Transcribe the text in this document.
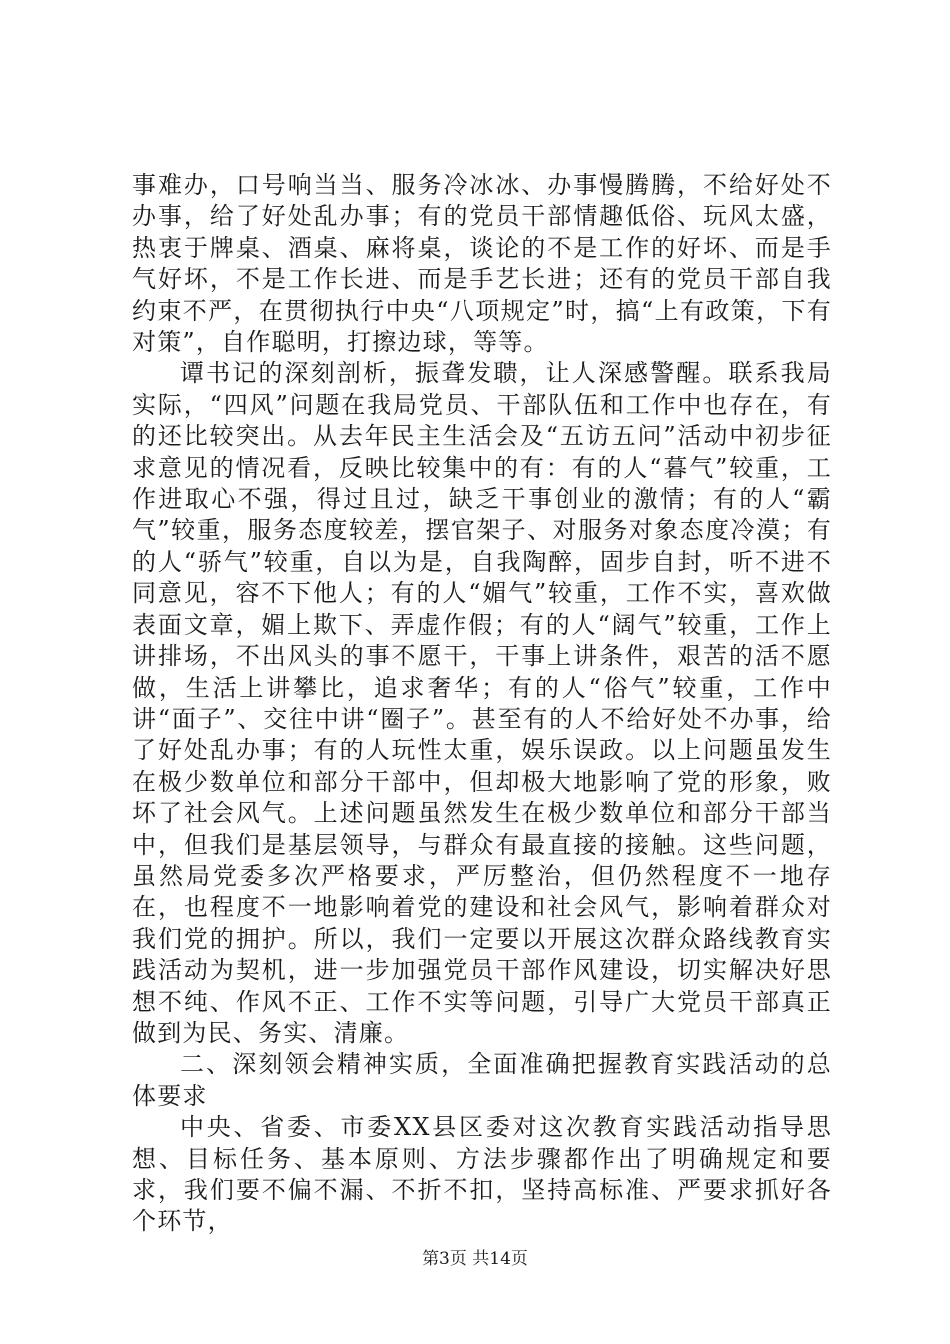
事难办，口号响当当、服务冷冰冰、办事慢腾腾，不给好处不办事，给了好处乱办事；有的党员干部情趣低俗、玩风太盛，热衷于牌桌、酒桌、麻将桌，谈论的不是工作的好坏、而是手气好坏，不是工作长进、而是手艺长进；还有的党员干部自我约束不严，在贯彻执行中央“八项规定”时，搞“上有政策，下有对策”，自作聪明，打擦边球，等等。

谭书记的深刻剖析，振聋发聩，让人深感警醒。联系我局实际，“四风”问题在我局党员、干部队伍和工作中也存在，有的还比较突出。从去年民主生活会及“五访五问”活动中初步征求意见的情况看，反映比较集中的有：有的人“暮气”较重，工作进取心不强，得过且过，缺乏干事创业的激情；有的人“霸气”较重，服务态度较差，摆官架子、对服务对象态度冷漠；有的人“骄气”较重，自以为是，自我陶醉，固步自封，听不进不同意见，容不下他人；有的人“媚气”较重，工作不实，喜欢做表面文章，媚上欺下、弄虚作假；有的人“阔气”较重，工作上讲排场，不出风头的事不愿干，干事上讲条件，艰苦的活不愿做，生活上讲攀比，追求奢华；有的人“俗气”较重，工作中讲“面子”、交往中讲“圈子”。甚至有的人不给好处不办事，给了好处乱办事；有的人玩性太重，娱乐误政。以上问题虽发生在极少数单位和部分干部中，但却极大地影响了党的形象，败坏了社会风气。上述问题虽然发生在极少数单位和部分干部当中，但我们是基层领导，与群众有最直接的接触。这些问题，虽然局党委多次严格要求，严厉整治，但仍然程度不一地存在，也程度不一地影响着党的建设和社会风气，影响着群众对我们党的拥护。所以，我们一定要以开展这次群众路线教育实践活动为契机，进一步加强党员干部作风建设，切实解决好思想不纯、作风不正、工作不实等问题，引导广大党员干部真正做到为民、务实、清廉。

二、深刻领会精神实质，全面准确把握教育实践活动的总体要求

中央、省委、市委XX县区委对这次教育实践活动指导思想、目标任务、基本原则、方法步骤都作出了明确规定和要求，我们要不偏不漏、不折不扣，坚持高标准、严要求抓好各个环节，

第3页 共14页
